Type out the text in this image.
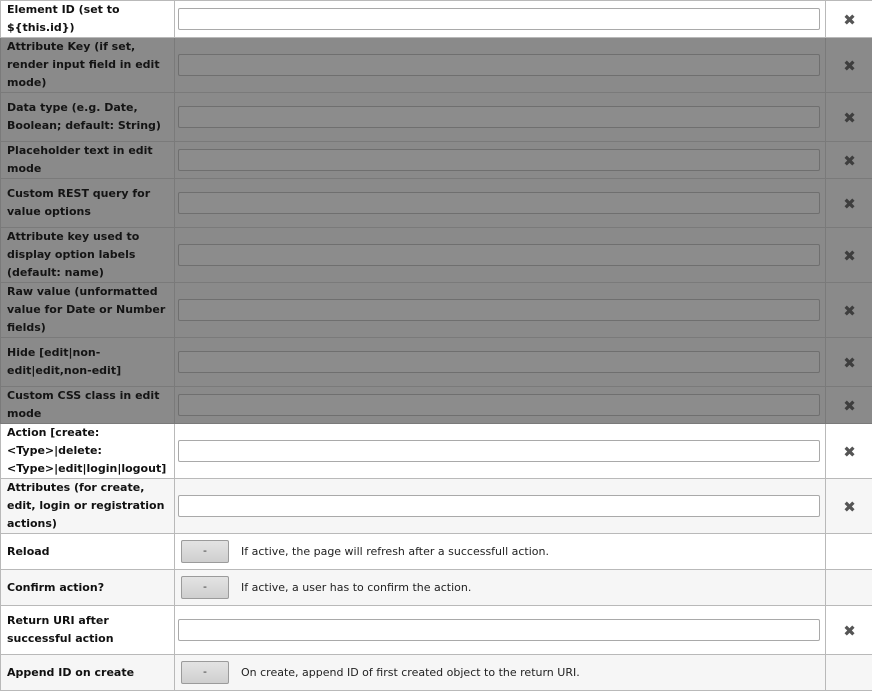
Element ID (set to ${this.id})		✖
Attribute Key (if set, render input field in edit mode)		✖
Data type (e.g. Date, Boolean; default: String)		✖
Placeholder text in edit mode		✖
Custom REST query for value options		✖
Attribute key used to display option labels (default: name)		✖
Raw value (unformatted value for Date or Number fields)		✖
Hide [edit|non-edit|edit,non-edit]		✖
Custom CSS class in edit mode		✖
Action [create:<Type>|delete:<Type>|edit|login|logout]		✖
Attributes (for create, edit, login or registration actions)		✖
Reload	- If active, the page will refresh after a successfull action.	

Confirm action?	- If active, a user has to confirm the action.	

Return URI after successful action		✖
Append ID on create	- On create, append ID of first created object to the return URI.	
